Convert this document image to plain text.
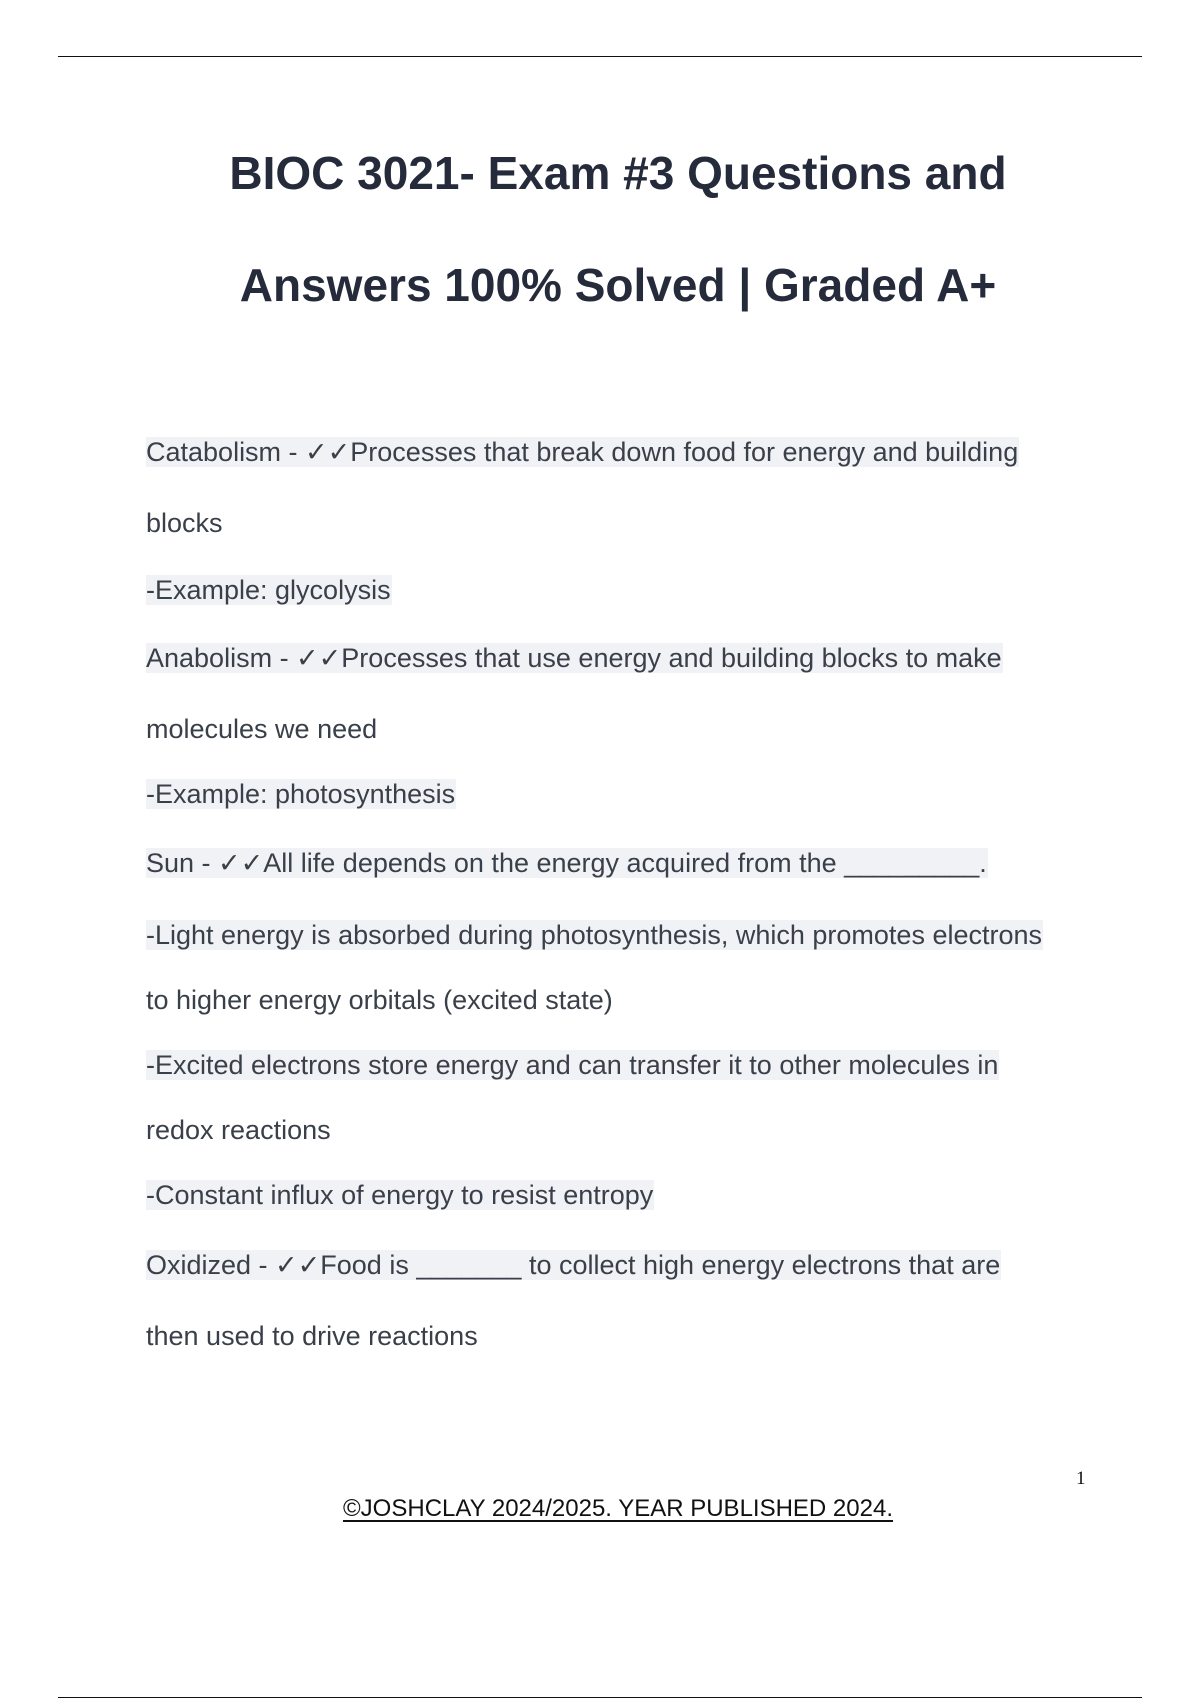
BIOC 3021- Exam #3 Questions and
Answers 100% Solved | Graded A+
Catabolism - ✓✓Processes that break down food for energy and building
blocks
-Example: glycolysis
Anabolism - ✓✓Processes that use energy and building blocks to make
molecules we need
-Example: photosynthesis
Sun - ✓✓All life depends on the energy acquired from the _________.
-Light energy is absorbed during photosynthesis, which promotes electrons
to higher energy orbitals (excited state)
-Excited electrons store energy and can transfer it to other molecules in
redox reactions
-Constant influx of energy to resist entropy
Oxidized - ✓✓Food is _______ to collect high energy electrons that are
then used to drive reactions
1
©JOSHCLAY 2024/2025. YEAR PUBLISHED 2024.
